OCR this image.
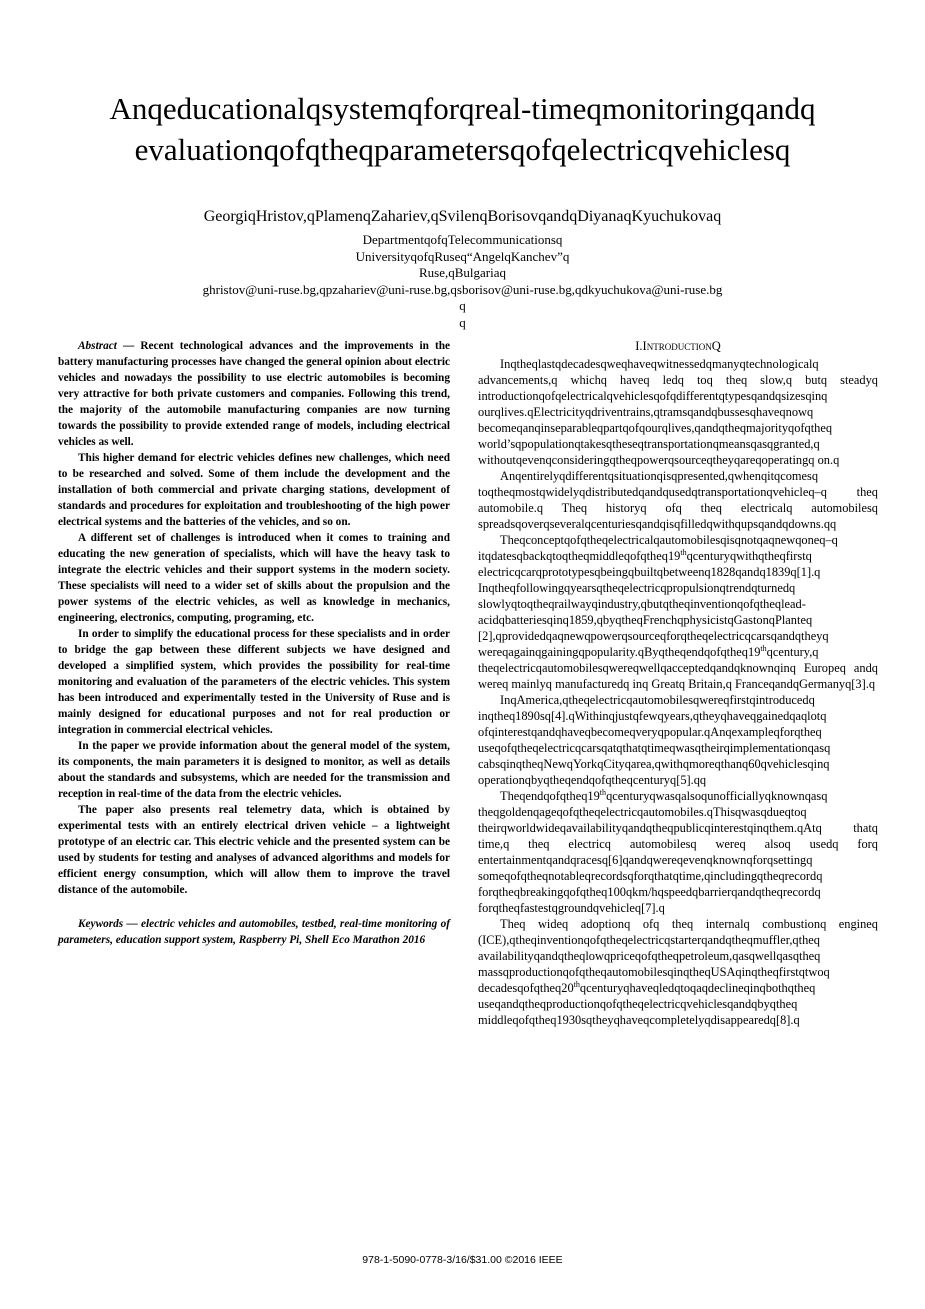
Anqeducationalqsystemqforqreal-timeqmonitoringqandq
evaluationqofqtheqparametersqofqelectricqvehiclesq
GeorgiqHristov,qPlamenqZahariev,qSvilenqBorisovqandqDiyanaqKyuchukovaq
DepartmentqofqTelecommunicationsq
UniversityqofqRuseq“AngelqKanchev”q
Ruse,qBulgariaq
ghristov@uni-ruse.bg,qpzahariev@uni-ruse.bg,qsborisov@uni-ruse.bg,qdkyuchukova@uni-ruse.bg
q
q

Abstract — Recent technological advances and the improvements in the battery manufacturing processes have changed the general opinion about electric vehicles and nowadays the possibility to use electric automobiles is becoming very attractive for both private customers and companies. Following this trend, the majority of the automobile manufacturing companies are now turning towards the possibility to provide extended range of models, including electrical vehicles as well.

This higher demand for electric vehicles defines new challenges, which need to be researched and solved. Some of them include the development and the installation of both commercial and private charging stations, development of standards and procedures for exploitation and troubleshooting of the high power electrical systems and the batteries of the vehicles, and so on.

A different set of challenges is introduced when it comes to training and educating the new generation of specialists, which will have the heavy task to integrate the electric vehicles and their support systems in the modern society. These specialists will need to a wider set of skills about the propulsion and the power systems of the electric vehicles, as well as knowledge in mechanics, engineering, electronics, computing, programing, etc.

In order to simplify the educational process for these specialists and in order to bridge the gap between these different subjects we have designed and developed a simplified system, which provides the possibility for real-time monitoring and evaluation of the parameters of the electric vehicles. This system has been introduced and experimentally tested in the University of Ruse and is mainly designed for educational purposes and not for real production or integration in commercial electrical vehicles.

In the paper we provide information about the general model of the system, its components, the main parameters it is designed to monitor, as well as details about the standards and subsystems, which are needed for the transmission and reception in real-time of the data from the electric vehicles.

The paper also presents real telemetry data, which is obtained by experimental tests with an entirely electrical driven vehicle – a lightweight prototype of an electric car. This electric vehicle and the presented system can be used by students for testing and analyses of advanced algorithms and models for efficient energy consumption, which will allow them to improve the travel distance of the automobile.

Keywords — electric vehicles and automobiles, testbed, real-time monitoring of parameters, education support system, Raspberry Pi, Shell Eco Marathon 2016

I.IntroductionQ

Inqtheqlastqdecadesqweqhaveqwitnessedqmanyqtechnologicalq advancements,q whichq haveq ledq toq theq slow,q butq steadyq introductionqofqelectricalqvehiclesqofqdifferentqtypesqandqsizesqinq ourqlives.qElectricityqdriventrains,qtramsqandqbussesqhaveqnowq becomeqanqinseparableqpartqofqourqlives,qandqtheqmajorityqofqtheq world’sqpopulationqtakesqtheseqtransportationqmeansqasqgranted,q withoutqevenqconsideringqtheqpowerqsourceqtheyqareqoperatingq on.q

Anqentirelyqdifferentqsituationqisqpresented,qwhenqitqcomesq toqtheqmostqwidelyqdistributedqandqusedqtransportationqvehicleq–q theq automobile.q Theq historyq ofq theq electricalq automobilesq spreadsqoverqseveralqcenturiesqandqisqfilledqwithqupsqandqdowns.qq

Theqconceptqofqtheqelectricalqautomobilesqisqnotqaqnewqoneq–q itqdatesqbackqtoqtheqmiddleqofqtheq19thqcenturyqwithqtheqfirstq electricqcarqprototypesqbeingqbuiltqbetweenq1828qandq1839q[1].q Inqtheqfollowingqyearsqtheqelectricqpropulsionqtrendqturnedq slowlyqtoqtheqrailwayqindustry,qbutqtheqinventionqofqtheqlead-acidqbatteriesqinq1859,qbyqtheqFrenchqphysicistqGastonqPlanteq [2],qprovidedqaqnewqpowerqsourceqforqtheqelectricqcarsqandqtheyq wereqagainqgainingqpopularity.qByqtheqendqofqtheq19thqcentury,q theqelectricqautomobilesqwereqwellqacceptedqandqknownqinq Europeq andq wereq mainlyq manufacturedq inq Greatq Britain,q FranceqandqGermanyq[3].q

InqAmerica,qtheqelectricqautomobilesqwereqfirstqintroducedq inqtheq1890sq[4].qWithinqjustqfewqyears,qtheyqhaveqgainedqaqlotq ofqinterestqandqhaveqbecomeqveryqpopular.qAnqexampleqforqtheq useqofqtheqelectricqcarsqatqthatqtimeqwasqtheirqimplementationqasq cabsqinqtheqNewqYorkqCityqarea,qwithqmoreqthanq60qvehiclesqinq operationqbyqtheqendqofqtheqcenturyq[5].qq

Theqendqofqtheq19thqcenturyqwasqalsoqunofficiallyqknownqasq theqgoldenqageqofqtheqelectricqautomobiles.qThisqwasqdueqtoq theirqworldwideqavailabilityqandqtheqpublicqinterestqinqthem.qAtq thatq time,q theq electricq automobilesq wereq alsoq usedq forq entertainmentqandqracesq[6]qandqwereqevenqknownqforqsettingq someqofqtheqnotableqrecordsqforqthatqtime,qincludingqtheqrecordq forqtheqbreakingqofqtheq100qkm/hqspeedqbarrierqandqtheqrecordq forqtheqfastestqgroundqvehicleq[7].q

Theq wideq adoptionq ofq theq internalq combustionq engineq (ICE),qtheqinventionqofqtheqelectricqstarterqandqtheqmuffler,qtheq availabilityqandqtheqlowqpriceqofqtheqpetroleum,qasqwellqasqtheq massqproductionqofqtheqautomobilesqinqtheqUSAqinqtheqfirstqtwoq decadesqofqtheq20thqcenturyqhaveqledqtoqaqdeclineqinqbothqtheq useqandqtheqproductionqofqtheqelectricqvehiclesqandqbyqtheq middleqofqtheq1930sqtheyqhaveqcompletelyqdisappearedq[8].q

978-1-5090-0778-3/16/$31.00 ©2016 IEEE
